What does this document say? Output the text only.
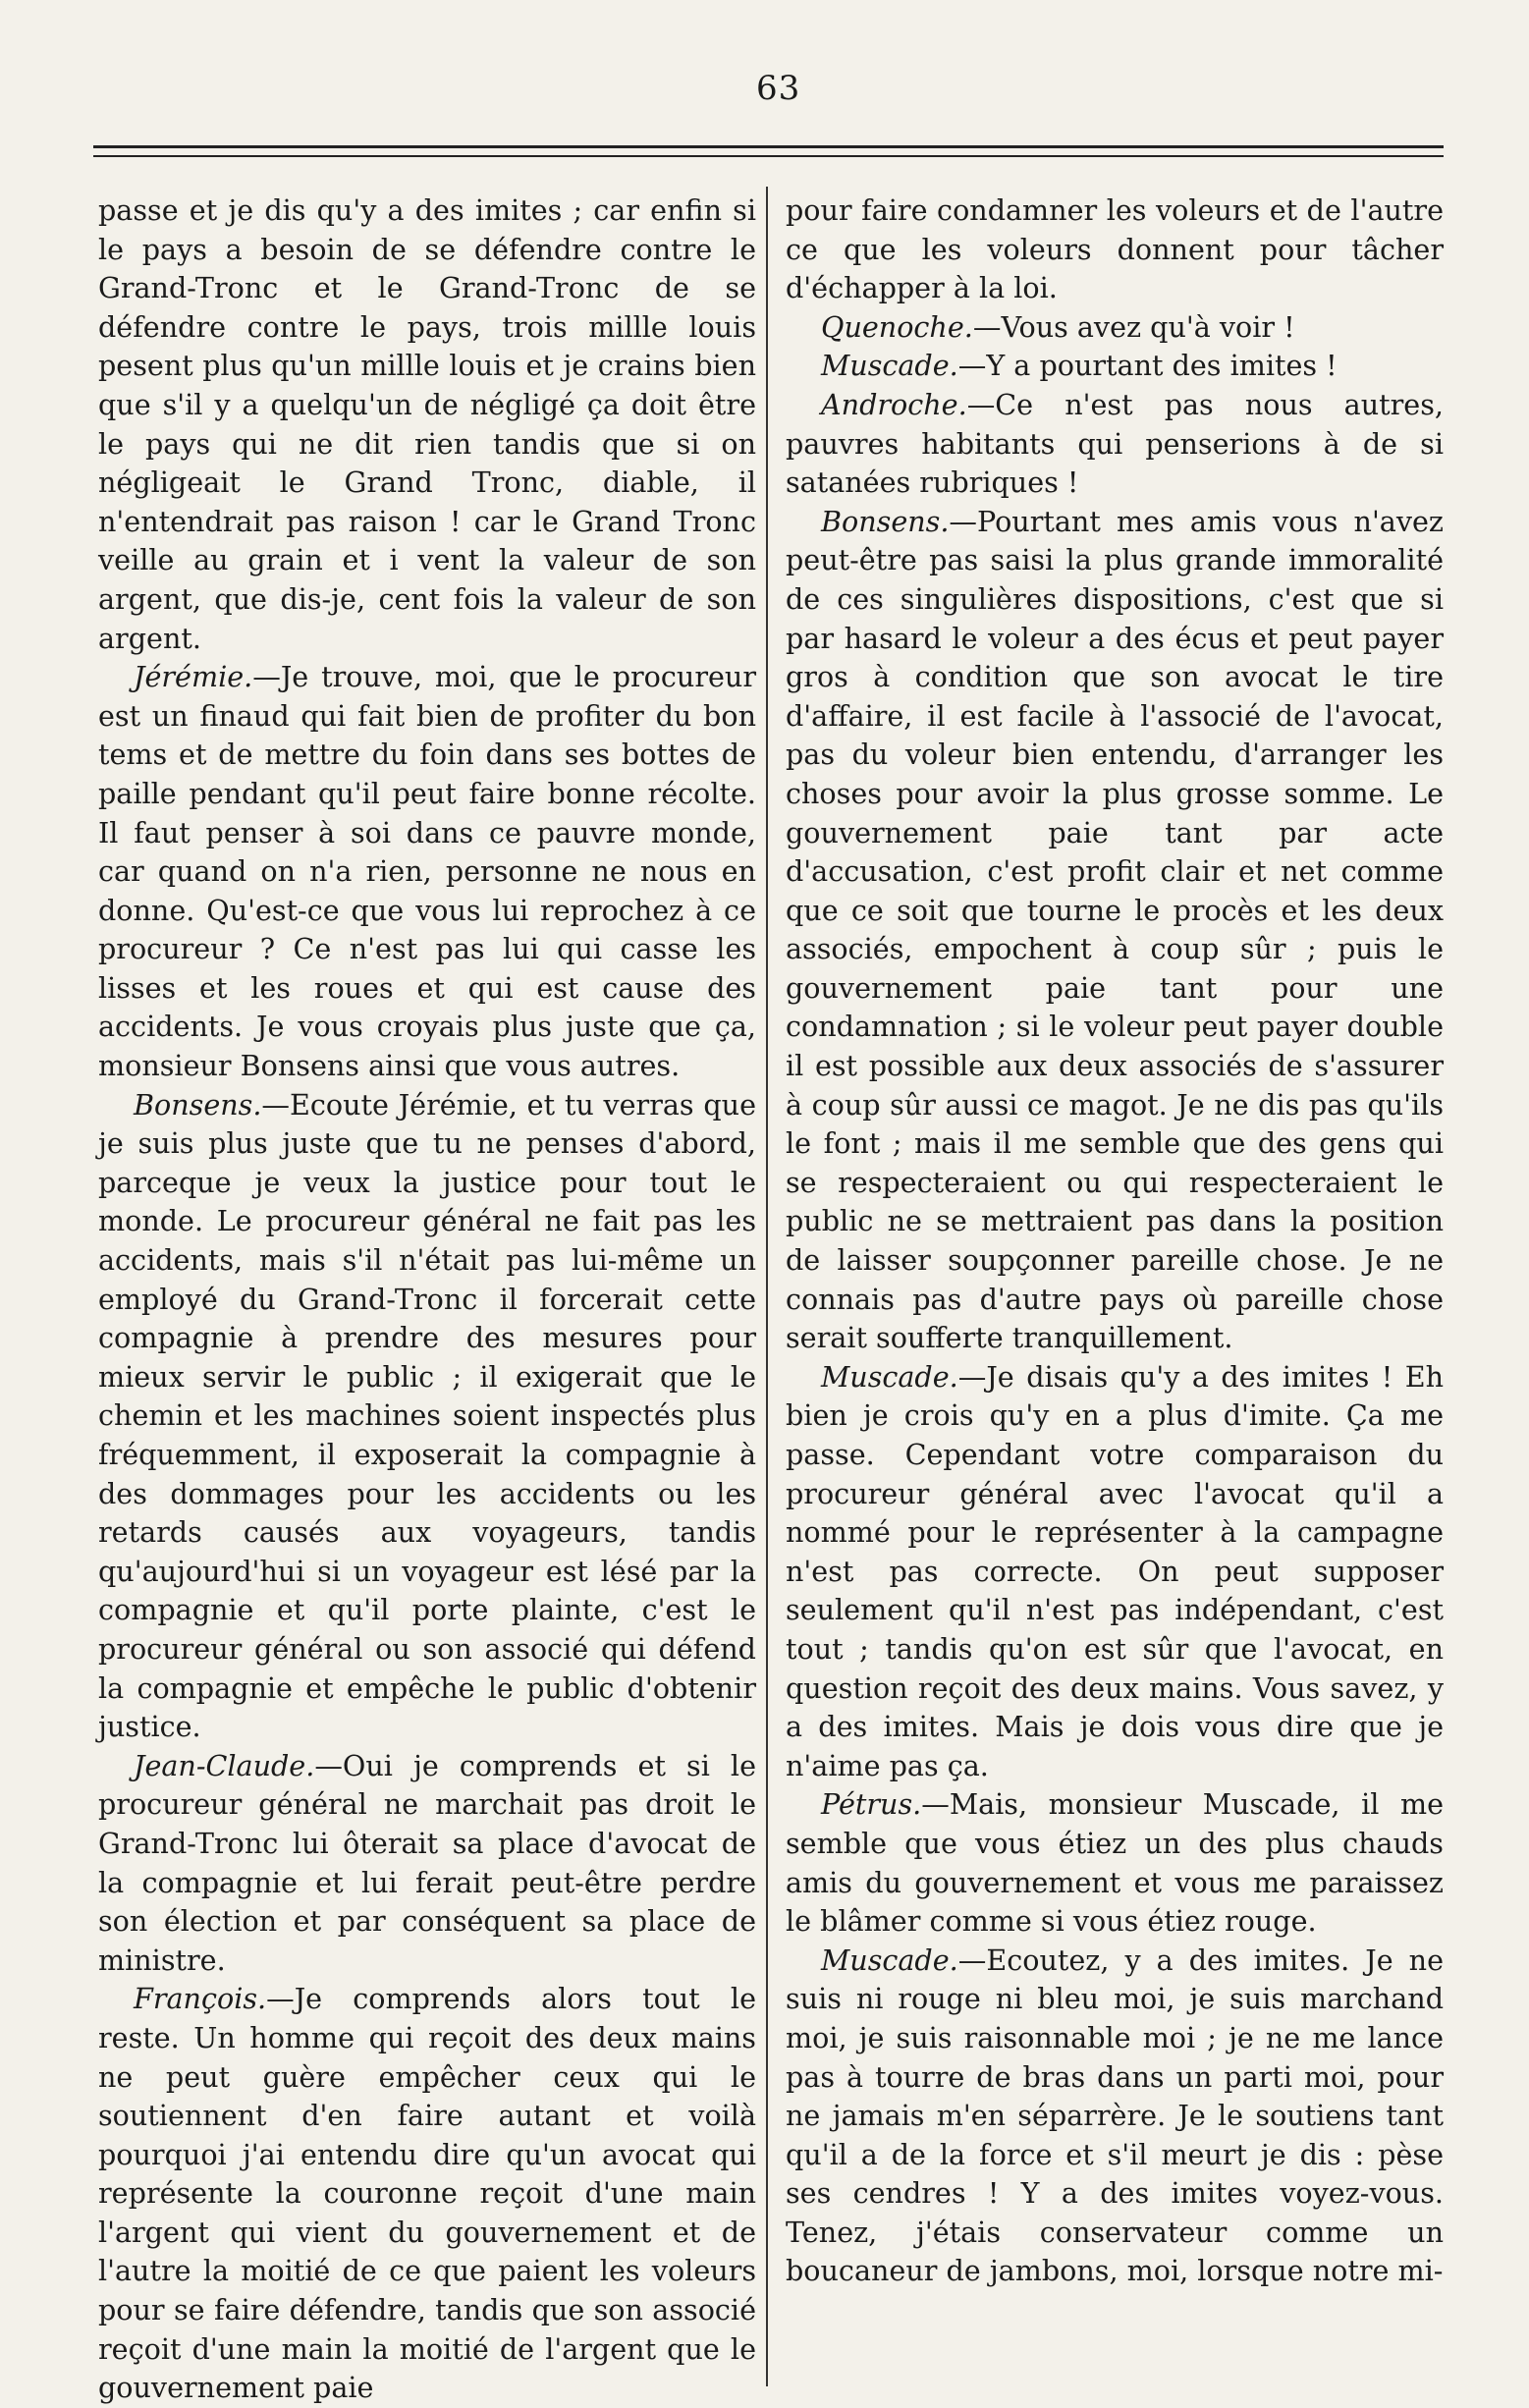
63

passe et je dis qu'y a des imites ; car enfin si le pays a besoin de se défendre contre le Grand-Tronc et le Grand-Tronc de se défendre contre le pays, trois millle louis pesent plus qu'un millle louis et je crains bien que s'il y a quelqu'un de négligé ça doit être le pays qui ne dit rien tandis que si on négligeait le Grand Tronc, diable, il n'entendrait pas raison ! car le Grand Tronc veille au grain et i vent la valeur de son argent, que dis-je, cent fois la valeur de son argent.

Jérémie.—Je trouve, moi, que le procureur est un finaud qui fait bien de profiter du bon tems et de mettre du foin dans ses bottes de paille pendant qu'il peut faire bonne récolte. Il faut penser à soi dans ce pauvre monde, car quand on n'a rien, personne ne nous en donne. Qu'est-ce que vous lui reprochez à ce procureur ? Ce n'est pas lui qui casse les lisses et les roues et qui est cause des accidents. Je vous croyais plus juste que ça, monsieur Bonsens ainsi que vous autres.

Bonsens.—Ecoute Jérémie, et tu verras que je suis plus juste que tu ne penses d'abord, parceque je veux la justice pour tout le monde. Le procureur général ne fait pas les accidents, mais s'il n'était pas lui-même un employé du Grand-Tronc il forcerait cette compagnie à prendre des mesures pour mieux servir le public ; il exigerait que le chemin et les machines soient inspectés plus fréquemment, il exposerait la compagnie à des dommages pour les accidents ou les retards causés aux voyageurs, tandis qu'aujourd'hui si un voyageur est lésé par la compagnie et qu'il porte plainte, c'est le procureur général ou son associé qui défend la compagnie et empêche le public d'obtenir justice.

Jean-Claude.—Oui je comprends et si le procureur général ne marchait pas droit le Grand-Tronc lui ôterait sa place d'avocat de la compagnie et lui ferait peut-être perdre son élection et par conséquent sa place de ministre.

François.—Je comprends alors tout le reste. Un homme qui reçoit des deux mains ne peut guère empêcher ceux qui le soutiennent d'en faire autant et voilà pourquoi j'ai entendu dire qu'un avocat qui représente la couronne reçoit d'une main l'argent qui vient du gouvernement et de l'autre la moitié de ce que paient les voleurs pour se faire défendre, tandis que son associé reçoit d'une main la moitié de l'argent que le gouvernement paie

pour faire condamner les voleurs et de l'autre ce que les voleurs donnent pour tâcher d'échapper à la loi.

Quenoche.—Vous avez qu'à voir !

Muscade.—Y a pourtant des imites !

Androche.—Ce n'est pas nous autres, pauvres habitants qui penserions à de si satanées rubriques !

Bonsens.—Pourtant mes amis vous n'avez peut-être pas saisi la plus grande immoralité de ces singulières dispositions, c'est que si par hasard le voleur a des écus et peut payer gros à condition que son avocat le tire d'affaire, il est facile à l'associé de l'avocat, pas du voleur bien entendu, d'arranger les choses pour avoir la plus grosse somme. Le gouvernement paie tant par acte d'accusation, c'est profit clair et net comme que ce soit que tourne le procès et les deux associés, empochent à coup sûr ; puis le gouvernement paie tant pour une condamnation ; si le voleur peut payer double il est possible aux deux associés de s'assurer à coup sûr aussi ce magot. Je ne dis pas qu'ils le font ; mais il me semble que des gens qui se respecteraient ou qui respecteraient le public ne se mettraient pas dans la position de laisser soupçonner pareille chose. Je ne connais pas d'autre pays où pareille chose serait soufferte tranquillement.

Muscade.—Je disais qu'y a des imites ! Eh bien je crois qu'y en a plus d'imite. Ça me passe. Cependant votre comparaison du procureur général avec l'avocat qu'il a nommé pour le représenter à la campagne n'est pas correcte. On peut supposer seulement qu'il n'est pas indépendant, c'est tout ; tandis qu'on est sûr que l'avocat, en question reçoit des deux mains. Vous savez, y a des imites. Mais je dois vous dire que je n'aime pas ça.

Pétrus.—Mais, monsieur Muscade, il me semble que vous étiez un des plus chauds amis du gouvernement et vous me paraissez le blâmer comme si vous étiez rouge.

Muscade.—Ecoutez, y a des imites. Je ne suis ni rouge ni bleu moi, je suis marchand moi, je suis raisonnable moi ; je ne me lance pas à tourre de bras dans un parti moi, pour ne jamais m'en séparrère. Je le soutiens tant qu'il a de la force et s'il meurt je dis : pèse ses cendres ! Y a des imites voyez-vous. Tenez, j'étais conservateur comme un boucaneur de jambons, moi, lorsque notre mi-
